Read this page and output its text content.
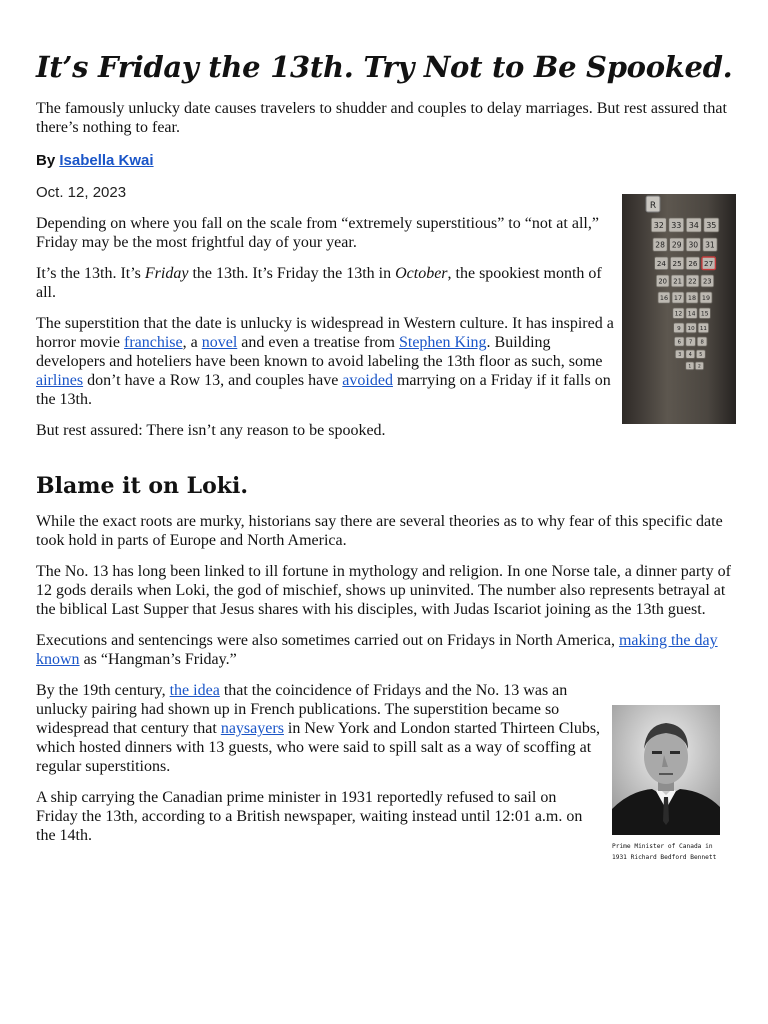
It’s Friday the 13th. Try Not to Be Spooked.

The famously unlucky date causes travelers to shudder and couples to delay marriages. But rest assured that there’s nothing to fear.

By Isabella Kwai
Oct. 12, 2023

Depending on where you fall on the scale from “extremely superstitious” to “not at all,” Friday may be the most frightful day of your year.

It’s the 13th. It’s Friday the 13th. It’s Friday the 13th in October, the spookiest month of all.

The superstition that the date is unlucky is widespread in Western culture. It has inspired a horror movie franchise, a novel and even a treatise from Stephen King. Building developers and hoteliers have been known to avoid labeling the 13th floor as such, some airlines don’t have a Row 13, and couples have avoided marrying on a Friday if it falls on the 13th.

But rest assured: There isn’t any reason to be spooked.

Blame it on Loki.

While the exact roots are murky, historians say there are several theories as to why fear of this specific date took hold in parts of Europe and North America.

The No. 13 has long been linked to ill fortune in mythology and religion. In one Norse tale, a dinner party of 12 gods derails when Loki, the god of mischief, shows up uninvited. The number also represents betrayal at the biblical Last Supper that Jesus shares with his disciples, with Judas Iscariot joining as the 13th guest.

Executions and sentencings were also sometimes carried out on Fridays in North America, making the day known as “Hangman’s Friday.”

By the 19th century, the idea that the coincidence of Fridays and the No. 13 was an unlucky pairing had shown up in French publications. The superstition became so widespread that century that naysayers in New York and London started Thirteen Clubs, which hosted dinners with 13 guests, who were said to spill salt as a way of scoffing at regular superstitions.

A ship carrying the Canadian prime minister in 1931 reportedly refused to sail on Friday the 13th, according to a British newspaper, waiting instead until 12:01 a.m. on the 14th.

R
32 33 34 35
28 29 30 31
24 25 26 27
20 21 22 23
16 17 18 19
12 14 15
9 10 11
6 7 8
3 4 5
1 2
Prime Minister of Canada in
1931 Richard Bedford Bennett
